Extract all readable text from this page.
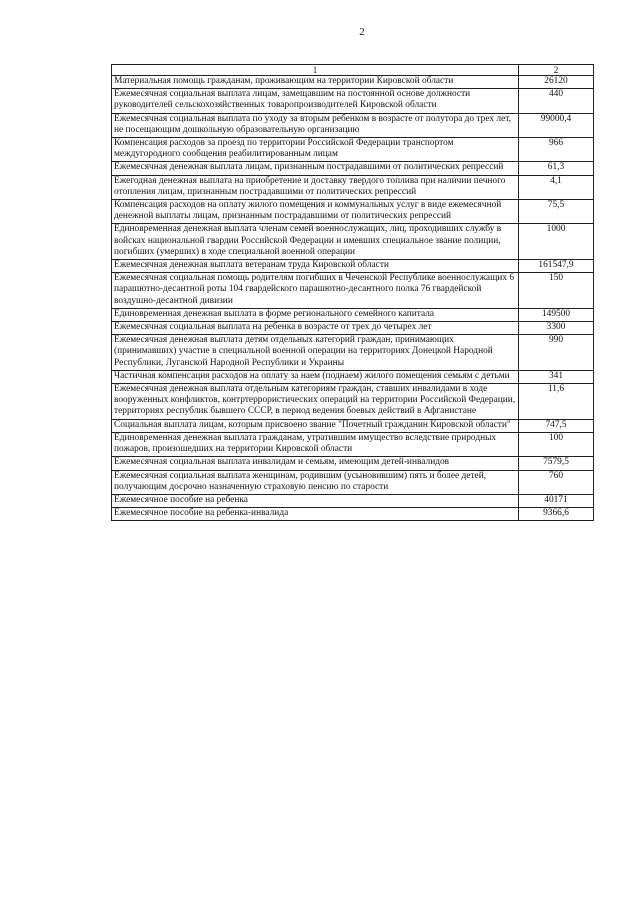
2
1	2
Материальная помощь гражданам, проживающим на территории Кировской области	26120
Ежемесячная социальная выплата лицам, замещавшим на постоянной основе должности руководителей сельскохозяйственных товаропроизводителей Кировской области	440
Ежемесячная социальная выплата по уходу за вторым ребенком в возрасте от полутора до трех лет, не посещающим дошкольную образовательную организацию	99000,4
Компенсация расходов за проезд по территории Российской Федерации транспортом междугородного сообщения реабилитированным лицам	966
Ежемесячная денежная выплата лицам, признанным пострадавшими от политических репрессий	61,3
Ежегодная денежная выплата на приобретение и доставку твердого топлива при наличии печного отопления лицам, признанным пострадавшими от политических репрессий	4,1
Компенсация расходов на оплату жилого помещения и коммунальных услуг в виде ежемесячной денежной выплаты лицам, признанным пострадавшими от политических репрессий	75,5
Единовременная денежная выплата членам семей военнослужащих, лиц, проходивших службу в войсках национальной гвардии Российской Федерации и имевших специальное звание полиции, погибших (умерших) в ходе специальной военной операции	1000
Ежемесячная денежная выплата ветеранам труда Кировской области	161547,9
Ежемесячная социальная помощь родителям погибших в Чеченской Республике военнослужащих 6 парашютно-десантной роты 104 гвардейского парашютно-десантного полка 76 гвардейской воздушно-десантной дивизии	150
Единовременная денежная выплата в форме регионального семейного капитала	149500
Ежемесячная социальная выплата на ребенка в возрасте от трех до четырех лет	3300
Ежемесячная денежная выплата детям отдельных категорий граждан, принимающих (принимавших) участие в специальной военной операции на территориях Донецкой Народной Республики, Луганской Народной Республики и Украины	990
Частичная компенсация расходов на оплату за наем (поднаем) жилого помещения семьям с детьми	341
Ежемесячная денежная выплата отдельным категориям граждан, ставших инвалидами в ходе вооруженных конфликтов, контртеррористических операций на территории Российской Федерации, территориях республик бывшего СССР, в период ведения боевых действий в Афганистане	11,6
Социальная выплата лицам, которым присвоено звание "Почетный гражданин Кировской области"	747,5
Единовременная денежная выплата гражданам, утратившим имущество вследствие природных пожаров, произошедших на территории Кировской области	100
Ежемесячная социальная выплата инвалидам и семьям, имеющим детей-инвалидов	7579,5
Ежемесячная социальная выплата женщинам, родившим (усыновившим) пять и более детей, получающим досрочно назначенную страховую пенсию по старости	760
Ежемесячное пособие на ребенка	40171
Ежемесячное пособие на ребенка-инвалида	9366,6
